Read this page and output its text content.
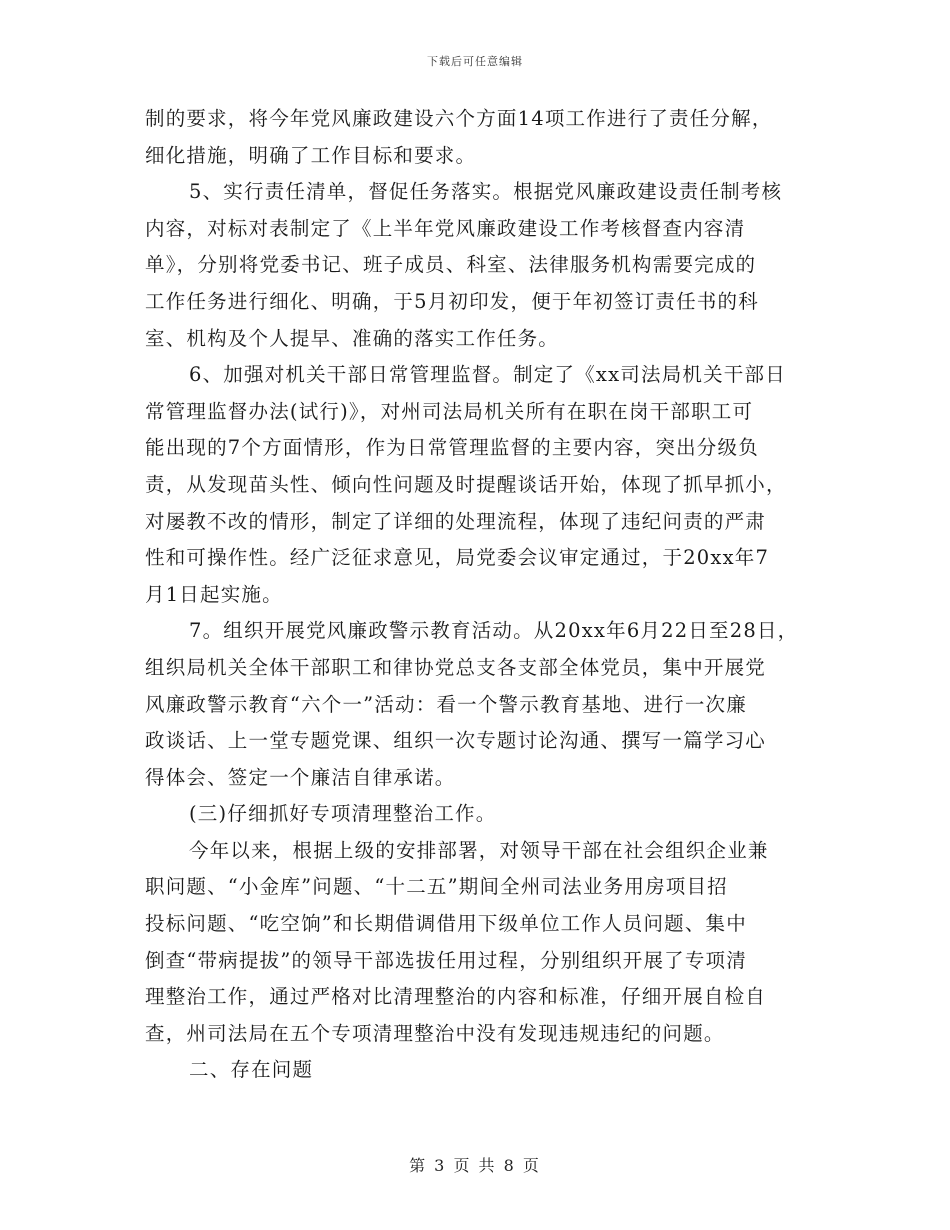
下载后可任意编辑
制的要求，将今年党风廉政建设六个方面14项工作进行了责任分解，
细化措施，明确了工作目标和要求。
5、实行责任清单，督促任务落实。根据党风廉政建设责任制考核
内容，对标对表制定了《上半年党风廉政建设工作考核督查内容清
单》，分别将党委书记、班子成员、科室、法律服务机构需要完成的
工作任务进行细化、明确，于5月初印发，便于年初签订责任书的科
室、机构及个人提早、准确的落实工作任务。
6、加强对机关干部日常管理监督。制定了《xx司法局机关干部日
常管理监督办法(试行)》，对州司法局机关所有在职在岗干部职工可
能出现的7个方面情形，作为日常管理监督的主要内容，突出分级负
责，从发现苗头性、倾向性问题及时提醒谈话开始，体现了抓早抓小，
对屡教不改的情形，制定了详细的处理流程，体现了违纪问责的严肃
性和可操作性。经广泛征求意见，局党委会议审定通过，于20xx年7
月1日起实施。
7。组织开展党风廉政警示教育活动。从20xx年6月22日至28日，
组织局机关全体干部职工和律协党总支各支部全体党员，集中开展党
风廉政警示教育“六个一”活动：看一个警示教育基地、进行一次廉
政谈话、上一堂专题党课、组织一次专题讨论沟通、撰写一篇学习心
得体会、签定一个廉洁自律承诺。
(三)仔细抓好专项清理整治工作。
今年以来，根据上级的安排部署，对领导干部在社会组织企业兼
职问题、“小金库”问题、“十二五”期间全州司法业务用房项目招
投标问题、“吃空饷”和长期借调借用下级单位工作人员问题、集中
倒查“带病提拔”的领导干部选拔任用过程，分别组织开展了专项清
理整治工作，通过严格对比清理整治的内容和标准，仔细开展自检自
查，州司法局在五个专项清理整治中没有发现违规违纪的问题。
二、存在问题
第 3 页 共 8 页
